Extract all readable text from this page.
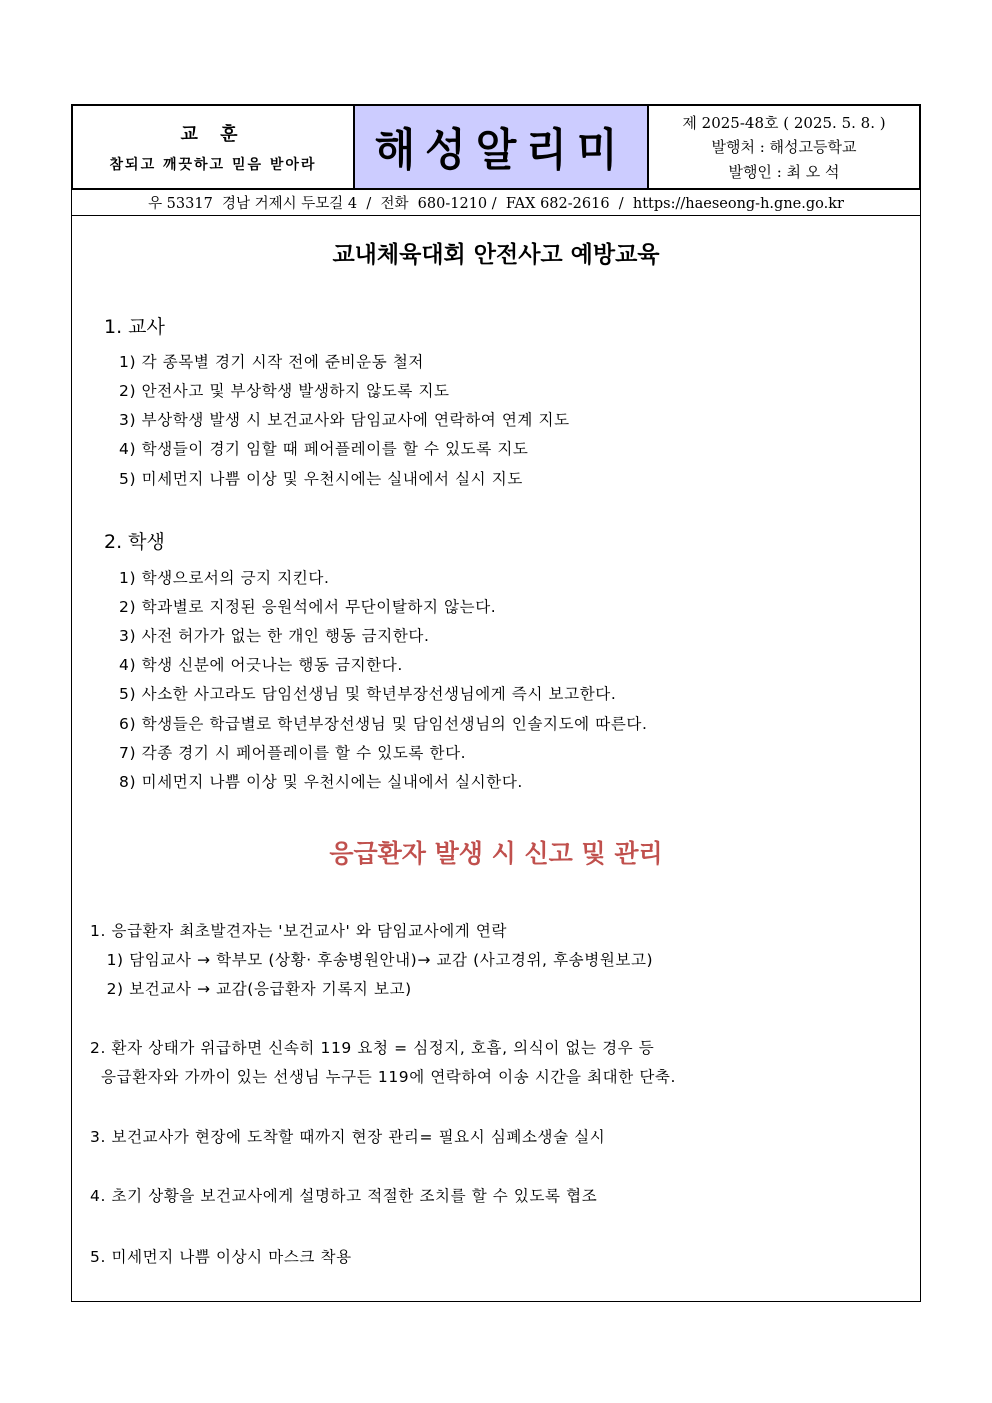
교 훈
참되고 깨끗하고 믿음 받아라 해성알리미
제 2025-48호 ( 2025. 5. 8. )
발행처 : 해성고등학교
발행인 : 최 오 석
우 53317  경남 거제시 두모길 4  /  전화  680-1210 /  FAX 682-2616  /  https://haeseong-h.gne.go.kr
교내체육대회 안전사고 예방교육
1. 교사
1) 각 종목별 경기 시작 전에 준비운동 철저
2) 안전사고 및 부상학생 발생하지 않도록 지도
3) 부상학생 발생 시 보건교사와 담임교사에 연락하여 연계 지도
4) 학생들이 경기 임할 때 페어플레이를 할 수 있도록 지도
5) 미세먼지 나쁨 이상 및 우천시에는 실내에서 실시 지도
2. 학생
1) 학생으로서의 긍지 지킨다.
2) 학과별로 지정된 응원석에서 무단이탈하지 않는다.
3) 사전 허가가 없는 한 개인 행동 금지한다.
4) 학생 신분에 어긋나는 행동 금지한다.
5) 사소한 사고라도 담임선생님 및 학년부장선생님에게 즉시 보고한다.
6) 학생들은 학급별로 학년부장선생님 및 담임선생님의 인솔지도에 따른다.
7) 각종 경기 시 페어플레이를 할 수 있도록 한다.
8) 미세먼지 나쁨 이상 및 우천시에는 실내에서 실시한다.
응급환자 발생 시 신고 및 관리
1. 응급환자 최초발견자는 '보건교사' 와 담임교사에게 연락
1) 담임교사 → 학부모 (상황· 후송병원안내)→ 교감 (사고경위, 후송병원보고)
2) 보건교사 → 교감(응급환자 기록지 보고)
2. 환자 상태가 위급하면 신속히 119 요청 = 심정지, 호흡, 의식이 없는 경우 등
응급환자와 가까이 있는 선생님 누구든 119에 연락하여 이송 시간을 최대한 단축.
3. 보건교사가 현장에 도착할 때까지 현장 관리= 필요시 심폐소생술 실시
4. 초기 상황을 보건교사에게 설명하고 적절한 조치를 할 수 있도록 협조
5. 미세먼지 나쁨 이상시 마스크 착용
